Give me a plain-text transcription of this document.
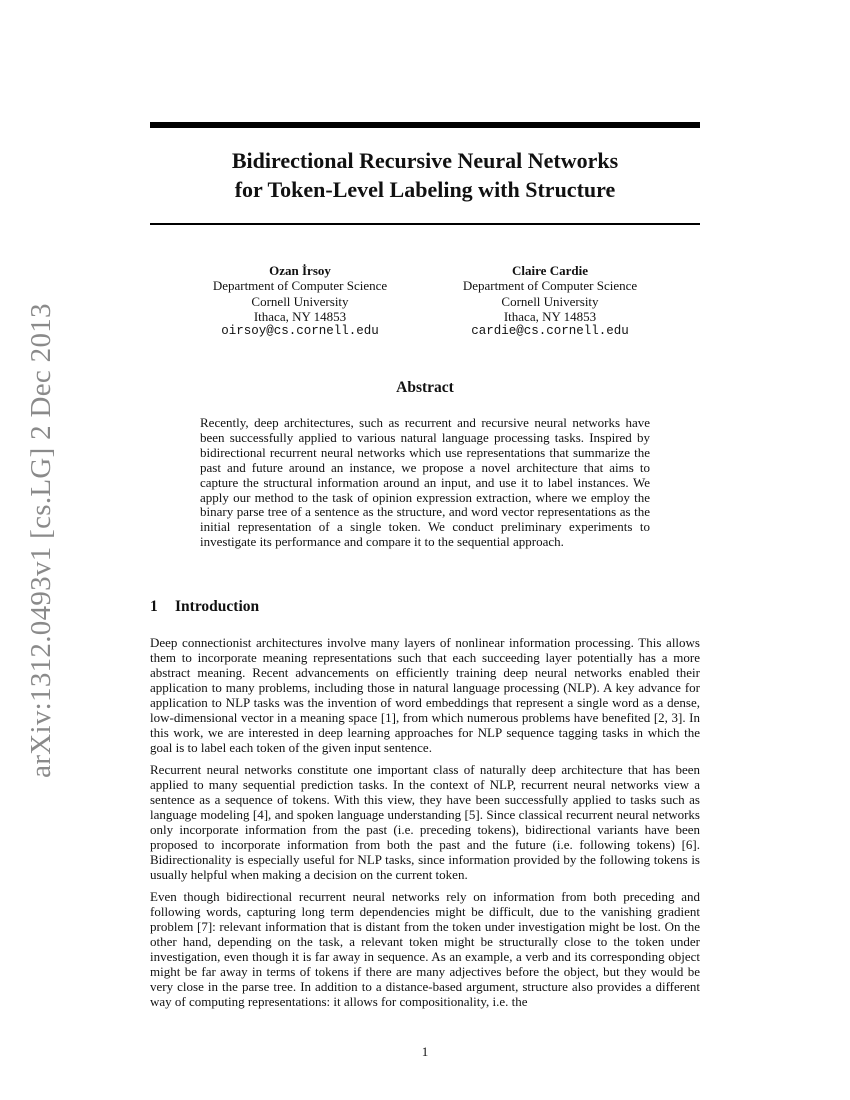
arXiv:1312.0493v1 [cs.LG] 2 Dec 2013
Bidirectional Recursive Neural Networks
for Token-Level Labeling with Structure
Ozan İrsoy
Department of Computer Science
Cornell University
Ithaca, NY 14853
oirsoy@cs.cornell.edu
Claire Cardie
Department of Computer Science
Cornell University
Ithaca, NY 14853
cardie@cs.cornell.edu
Abstract
Recently, deep architectures, such as recurrent and recursive neural networks have been successfully applied to various natural language processing tasks. Inspired by bidirectional recurrent neural networks which use representations that summarize the past and future around an instance, we propose a novel architecture that aims to capture the structural information around an input, and use it to label instances. We apply our method to the task of opinion expression extraction, where we employ the binary parse tree of a sentence as the structure, and word vector representations as the initial representation of a single token. We conduct preliminary experiments to investigate its performance and compare it to the sequential approach.
1 Introduction

Deep connectionist architectures involve many layers of nonlinear information processing. This allows them to incorporate meaning representations such that each succeeding layer potentially has a more abstract meaning. Recent advancements on efficiently training deep neural networks enabled their application to many problems, including those in natural language processing (NLP). A key advance for application to NLP tasks was the invention of word embeddings that represent a single word as a dense, low-dimensional vector in a meaning space [1], from which numerous problems have benefited [2, 3]. In this work, we are interested in deep learning approaches for NLP sequence tagging tasks in which the goal is to label each token of the given input sentence.

Recurrent neural networks constitute one important class of naturally deep architecture that has been applied to many sequential prediction tasks. In the context of NLP, recurrent neural networks view a sentence as a sequence of tokens. With this view, they have been successfully applied to tasks such as language modeling [4], and spoken language understanding [5]. Since classical recurrent neural networks only incorporate information from the past (i.e. preceding tokens), bidirectional variants have been proposed to incorporate information from both the past and the future (i.e. following tokens) [6]. Bidirectionality is especially useful for NLP tasks, since information provided by the following tokens is usually helpful when making a decision on the current token.

Even though bidirectional recurrent neural networks rely on information from both preceding and following words, capturing long term dependencies might be difficult, due to the vanishing gradient problem [7]: relevant information that is distant from the token under investigation might be lost. On the other hand, depending on the task, a relevant token might be structurally close to the token under investigation, even though it is far away in sequence. As an example, a verb and its corresponding object might be far away in terms of tokens if there are many adjectives before the object, but they would be very close in the parse tree. In addition to a distance-based argument, structure also provides a different way of computing representations: it allows for compositionality, i.e. the

1
